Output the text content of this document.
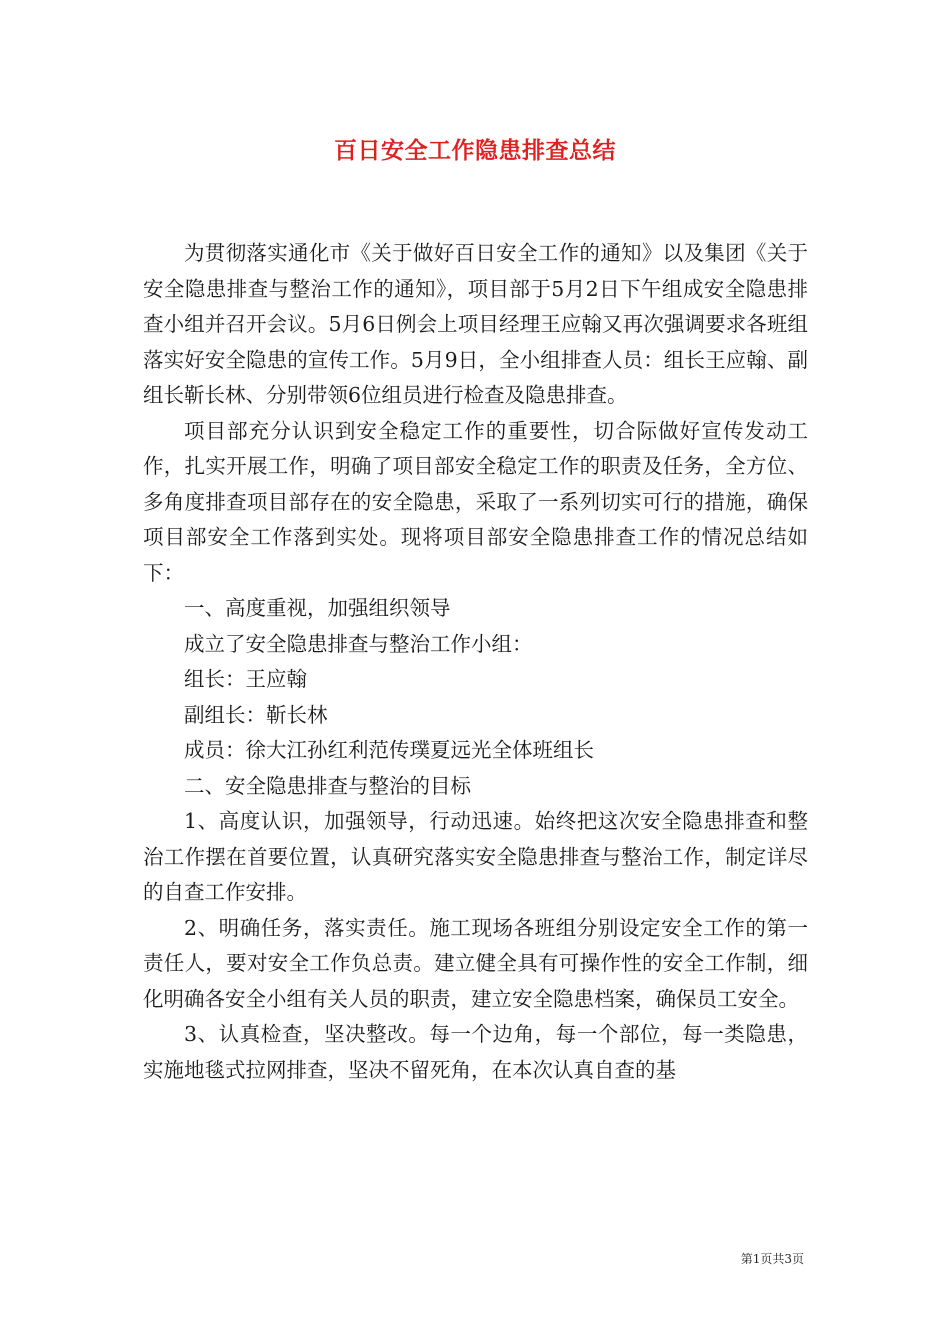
百日安全工作隐患排查总结

为贯彻落实通化市《关于做好百日安全工作的通知》以及集团《关于安全隐患排查与整治工作的通知》，项目部于5月2日下午组成安全隐患排查小组并召开会议。5月6日例会上项目经理王应翰又再次强调要求各班组落实好安全隐患的宣传工作。5月9日，全小组排查人员：组长王应翰、副组长靳长林、分别带领6位组员进行检查及隐患排查。

项目部充分认识到安全稳定工作的重要性，切合际做好宣传发动工作，扎实开展工作，明确了项目部安全稳定工作的职责及任务，全方位、多角度排查项目部存在的安全隐患，采取了一系列切实可行的措施，确保项目部安全工作落到实处。现将项目部安全隐患排查工作的情况总结如下：

一、高度重视，加强组织领导

成立了安全隐患排查与整治工作小组：

组长：王应翰

副组长：靳长林

成员：徐大江孙红利范传璞夏远光全体班组长

二、安全隐患排查与整治的目标

1、高度认识，加强领导，行动迅速。始终把这次安全隐患排查和整治工作摆在首要位置，认真研究落实安全隐患排查与整治工作，制定详尽的自查工作安排。

2、明确任务，落实责任。施工现场各班组分别设定安全工作的第一责任人，要对安全工作负总责。建立健全具有可操作性的安全工作制，细化明确各安全小组有关人员的职责，建立安全隐患档案，确保员工安全。

3、认真检查，坚决整改。每一个边角，每一个部位，每一类隐患，实施地毯式拉网排查，坚决不留死角，在本次认真自查的基

第1页共3页
